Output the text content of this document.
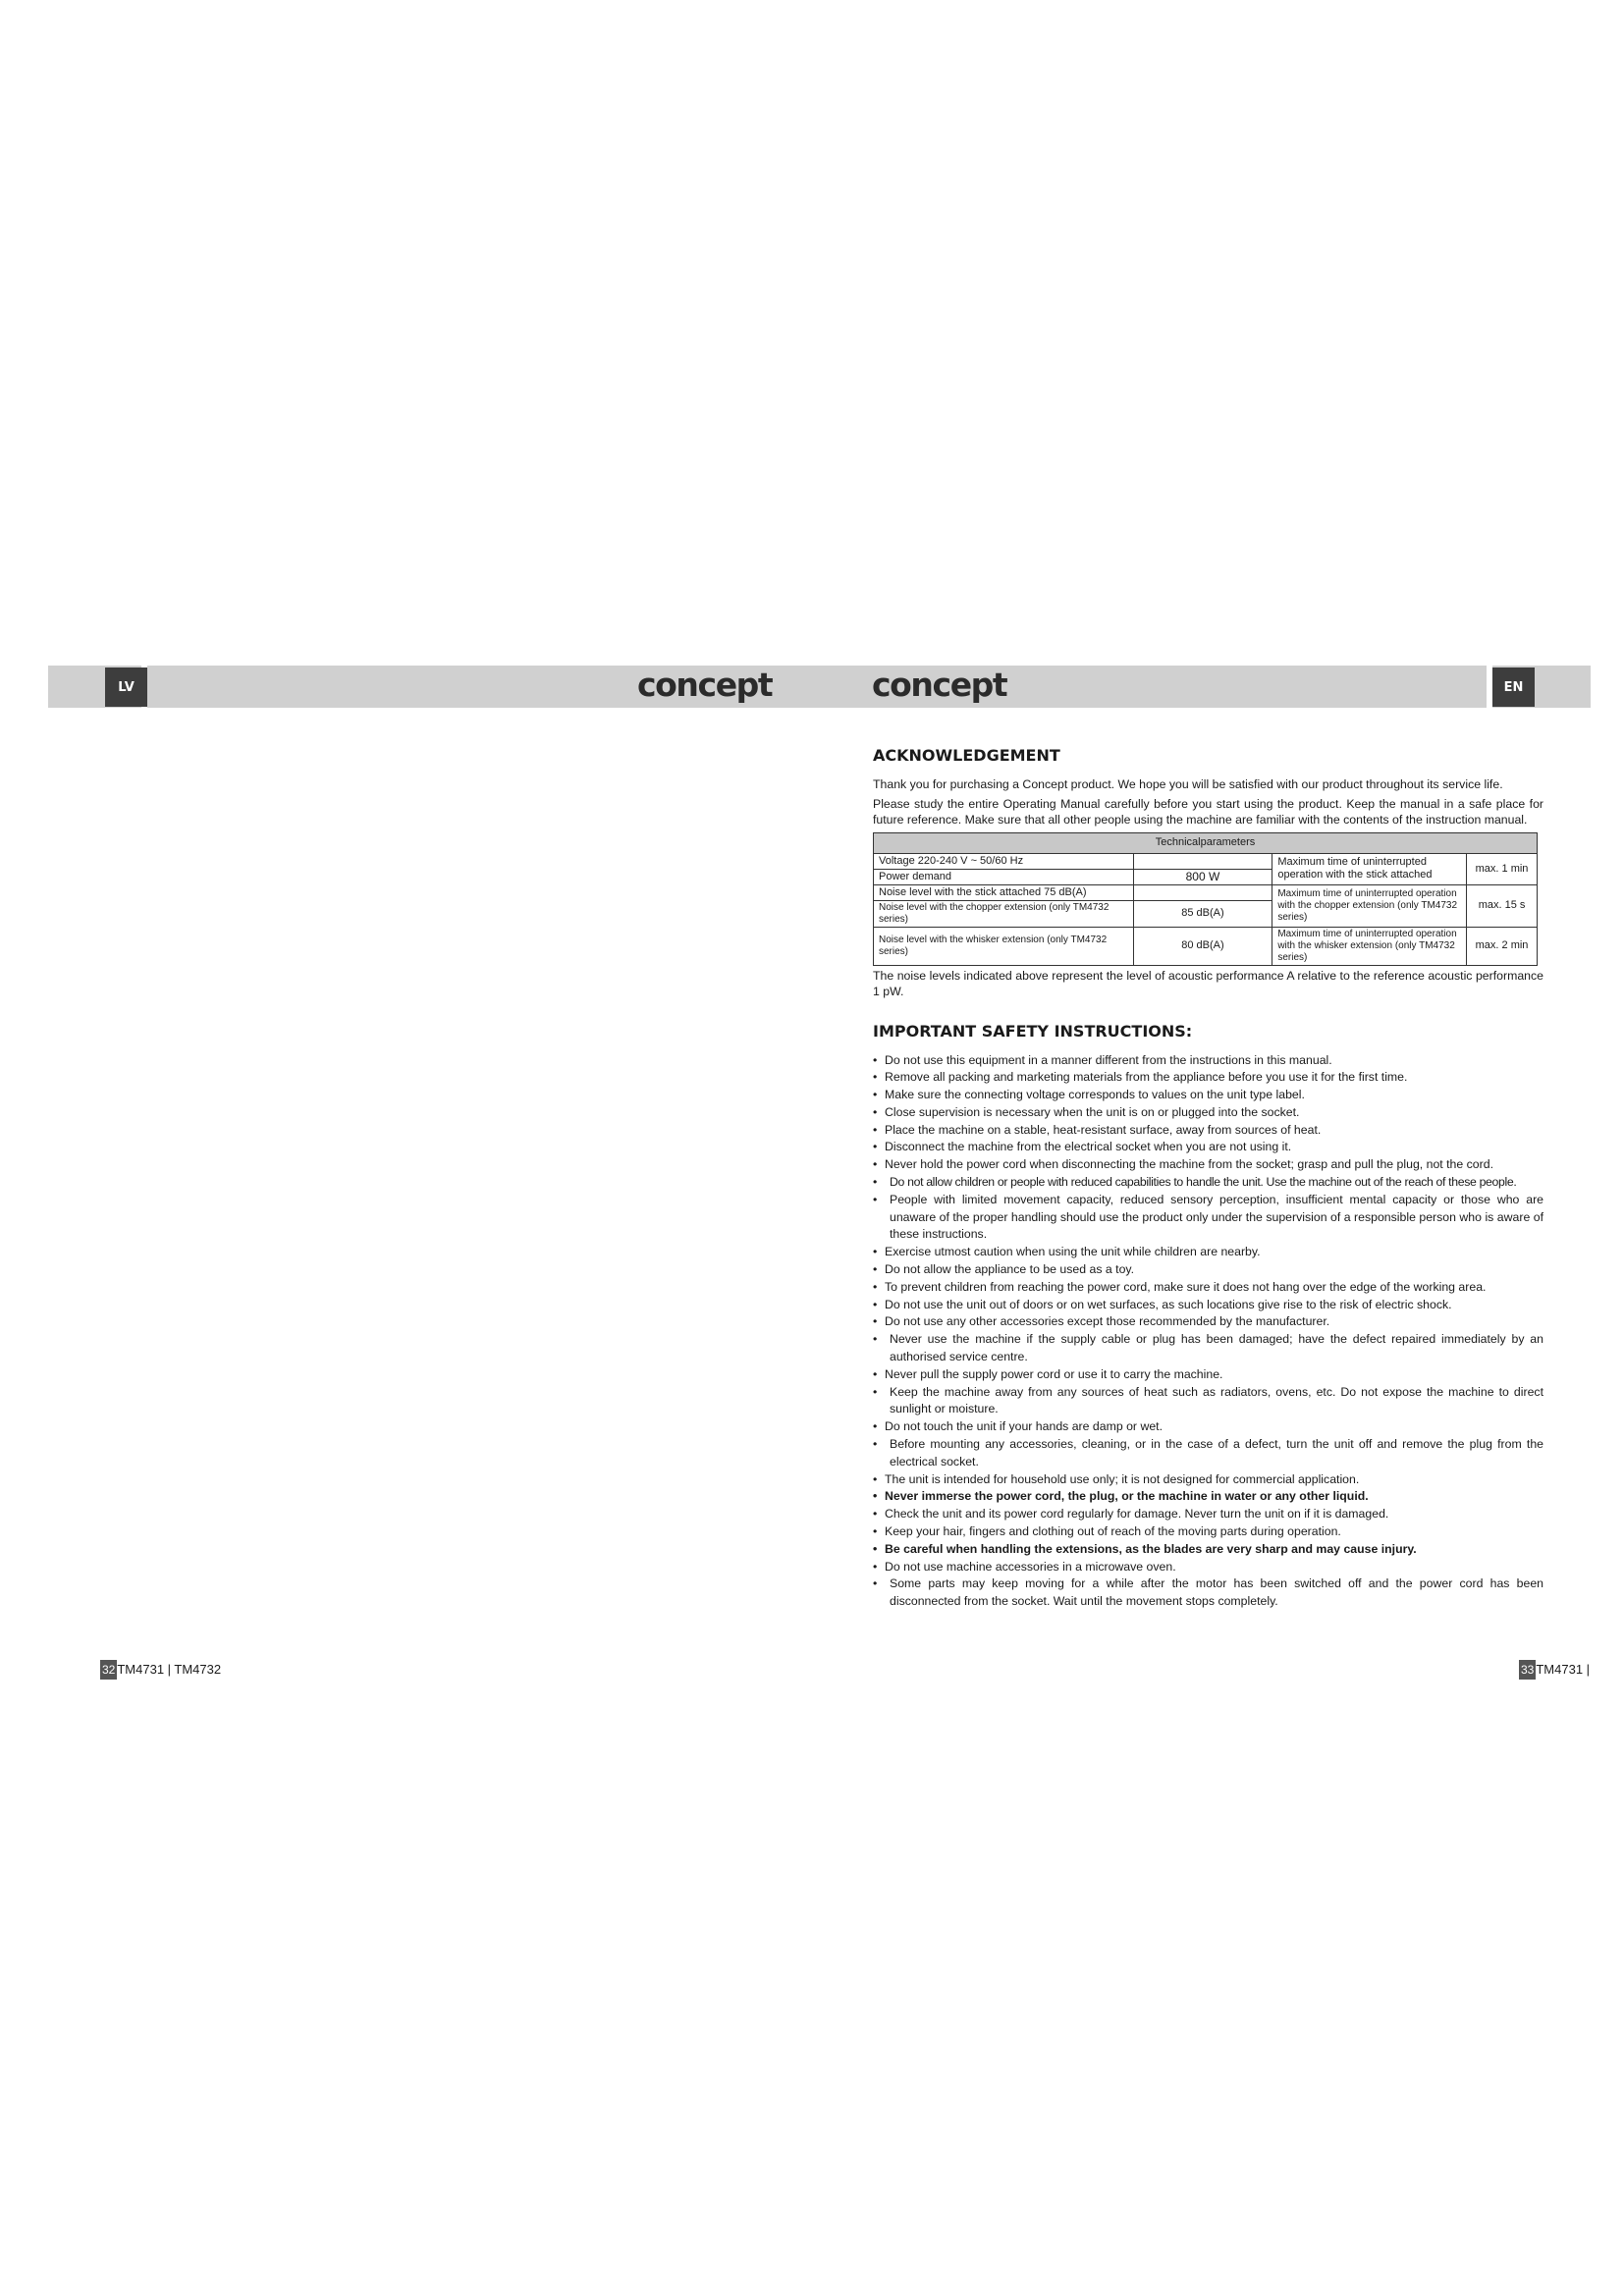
LV	EN
concept	concept
ACKNOWLEDGEMENT

Thank you for purchasing a Concept product. We hope you will be satisfied with our product throughout its service life.

Please study the entire Operating Manual carefully before you start using the product. Keep the manual in a safe place for future reference. Make sure that all other people using the machine are familiar with the contents of the instruction manual.

Technicalparameters			
Voltage 220-240 V ~ 50/60 Hz		Maximum time of uninterrupted operation with the stick attached	max. 1 min
Power demand	800 W		
Noise level with the stick attached 75 dB(A)		Maximum time of uninterrupted operation with the chopper extension (only TM4732 series)	max. 15 s
Noise level with the chopper extension (only TM4732 series)	85 dB(A)		
Noise level with the whisker extension (only TM4732 series)	80 dB(A)	Maximum time of uninterrupted operation with the whisker extension (only TM4732 series)	max. 2 min

The noise levels indicated above represent the level of acoustic performance A relative to the reference acoustic performance 1 pW.

IMPORTANT SAFETY INSTRUCTIONS:
• Do not use this equipment in a manner different from the instructions in this manual.
• Remove all packing and marketing materials from the appliance before you use it for the first time.
• Make sure the connecting voltage corresponds to values on the unit type label.
• Close supervision is necessary when the unit is on or plugged into the socket.
• Place the machine on a stable, heat-resistant surface, away from sources of heat.
• Disconnect the machine from the electrical socket when you are not using it.
• Never hold the power cord when disconnecting the machine from the socket; grasp and pull the plug, not the cord.
• Do not allow children or people with reduced capabilities to handle the unit. Use the machine out of the reach of these people.
• People with limited movement capacity, reduced sensory perception, insufficient mental capacity or those who are unaware of the proper handling should use the product only under the supervision of a responsible person who is aware of these instructions.
• Exercise utmost caution when using the unit while children are nearby.
• Do not allow the appliance to be used as a toy.
• To prevent children from reaching the power cord, make sure it does not hang over the edge of the working area.
• Do not use the unit out of doors or on wet surfaces, as such locations give rise to the risk of electric shock.
• Do not use any other accessories except those recommended by the manufacturer.
• Never use the machine if the supply cable or plug has been damaged; have the defect repaired immediately by an authorised service centre.
• Never pull the supply power cord or use it to carry the machine.
• Keep the machine away from any sources of heat such as radiators, ovens, etc. Do not expose the machine to direct sunlight or moisture.
• Do not touch the unit if your hands are damp or wet.
• Before mounting any accessories, cleaning, or in the case of a defect, turn the unit off and remove the plug from the electrical socket.
• The unit is intended for household use only; it is not designed for commercial application.
• Never immerse the power cord, the plug, or the machine in water or any other liquid.
• Check the unit and its power cord regularly for damage. Never turn the unit on if it is damaged.
• Keep your hair, fingers and clothing out of reach of the moving parts during operation.
• Be careful when handling the extensions, as the blades are very sharp and may cause injury.
• Do not use machine accessories in a microwave oven.
• Some parts may keep moving for a while after the motor has been switched off and the power cord has been disconnected from the socket. Wait until the movement stops completely.
32 TM4731 | TM4732	33 TM4731 |
